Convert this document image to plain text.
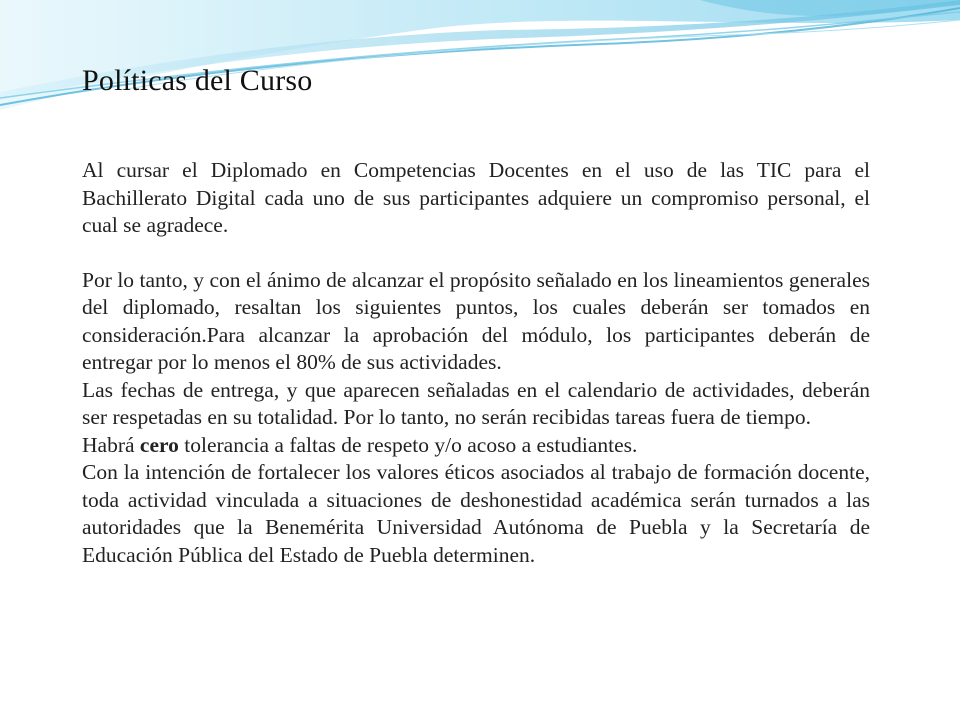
Políticas del Curso

Al cursar el Diplomado en Competencias Docentes en el uso de las TIC para el Bachillerato Digital cada uno de sus participantes adquiere un compromiso personal, el cual se agradece.

Por lo tanto, y con el ánimo de alcanzar el propósito señalado en los lineamientos generales del diplomado, resaltan los siguientes puntos, los cuales deberán ser tomados en consideración.Para alcanzar la aprobación del módulo, los participantes deberán de entregar por lo menos el 80% de sus actividades.

Las fechas de entrega, y que aparecen señaladas en el calendario de actividades, deberán ser respetadas en su totalidad. Por lo tanto, no serán recibidas tareas fuera de tiempo.

Habrá cero tolerancia a faltas de respeto y/o acoso a estudiantes.

Con la intención de fortalecer los valores éticos asociados al trabajo de formación docente, toda actividad vinculada a situaciones de deshonestidad académica serán turnados a las autoridades que la Benemérita Universidad Autónoma de Puebla y la Secretaría de Educación Pública del Estado de Puebla determinen.
